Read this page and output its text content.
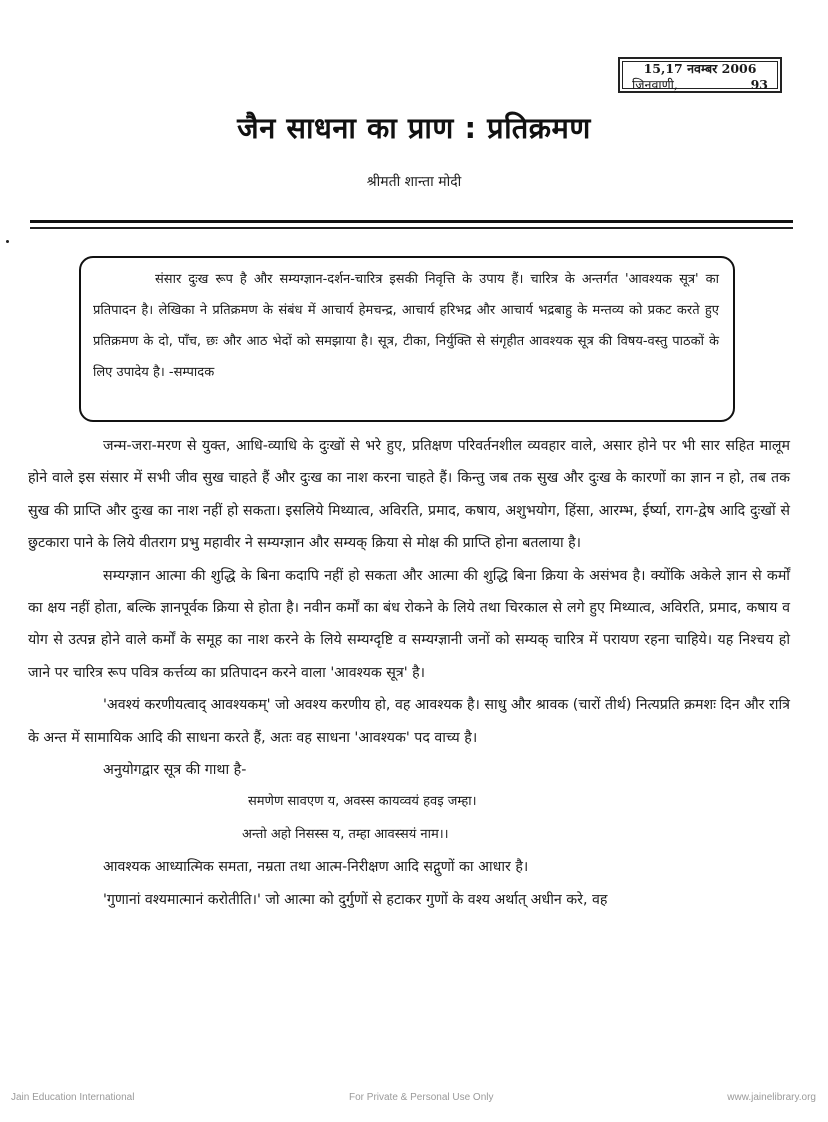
15,17 नवम्बर 2006
जिनवाणी,	93
जैन साधना का प्राण : प्रतिक्रमण
श्रीमती शान्ता मोदी
संसार दुःख रूप है और सम्यग्ज्ञान-दर्शन-चारित्र इसकी निवृत्ति के उपाय हैं। चारित्र के अन्तर्गत 'आवश्यक सूत्र' का प्रतिपादन है। लेखिका ने प्रतिक्रमण के संबंध में आचार्य हेमचन्द्र, आचार्य हरिभद्र और आचार्य भद्रबाहु के मन्तव्य को प्रकट करते हुए प्रतिक्रमण के दो, पाँच, छः और आठ भेदों को समझाया है। सूत्र, टीका, निर्युक्ति से संगृहीत आवश्यक सूत्र की विषय-वस्तु पाठकों के लिए उपादेय है। -सम्पादक

जन्म-जरा-मरण से युक्त, आधि-व्याधि के दुःखों से भरे हुए, प्रतिक्षण परिवर्तनशील व्यवहार वाले, असार होने पर भी सार सहित मालूम होने वाले इस संसार में सभी जीव सुख चाहते हैं और दुःख का नाश करना चाहते हैं। किन्तु जब तक सुख और दुःख के कारणों का ज्ञान न हो, तब तक सुख की प्राप्ति और दुःख का नाश नहीं हो सकता। इसलिये मिथ्यात्व, अविरति, प्रमाद, कषाय, अशुभयोग, हिंसा, आरम्भ, ईर्ष्या, राग-द्वेष आदि दुःखों से छुटकारा पाने के लिये वीतराग प्रभु महावीर ने सम्यग्ज्ञान और सम्यक् क्रिया से मोक्ष की प्राप्ति होना बतलाया है।

सम्यग्ज्ञान आत्मा की शुद्धि के बिना कदापि नहीं हो सकता और आत्मा की शुद्धि बिना क्रिया के असंभव है। क्योंकि अकेले ज्ञान से कर्मों का क्षय नहीं होता, बल्कि ज्ञानपूर्वक क्रिया से होता है। नवीन कर्मों का बंध रोकने के लिये तथा चिरकाल से लगे हुए मिथ्यात्व, अविरति, प्रमाद, कषाय व योग से उत्पन्न होने वाले कर्मों के समूह का नाश करने के लिये सम्यग्दृष्टि व सम्यग्ज्ञानी जनों को सम्यक् चारित्र में परायण रहना चाहिये। यह निश्चय हो जाने पर चारित्र रूप पवित्र कर्त्तव्य का प्रतिपादन करने वाला 'आवश्यक सूत्र' है।

'अवश्यं करणीयत्वाद् आवश्यकम्' जो अवश्य करणीय हो, वह आवश्यक है। साधु और श्रावक (चारों तीर्थ) नित्यप्रति क्रमशः दिन और रात्रि के अन्त में सामायिक आदि की साधना करते हैं, अतः वह साधना 'आवश्यक' पद वाच्य है।

अनुयोगद्वार सूत्र की गाथा है-

समणेण सावएण य, अवस्स कायव्वयं हवइ जम्हा।

अन्तो अहो निसस्स य, तम्हा आवस्सयं नाम।।

आवश्यक आध्यात्मिक समता, नम्रता तथा आत्म-निरीक्षण आदि सद्गुणों का आधार है।

'गुणानां वश्यमात्मानं करोतीति।' जो आत्मा को दुर्गुणों से हटाकर गुणों के वश्य अर्थात् अधीन करे, वह

Jain Education International	For Private & Personal Use Only	www.jainelibrary.org
